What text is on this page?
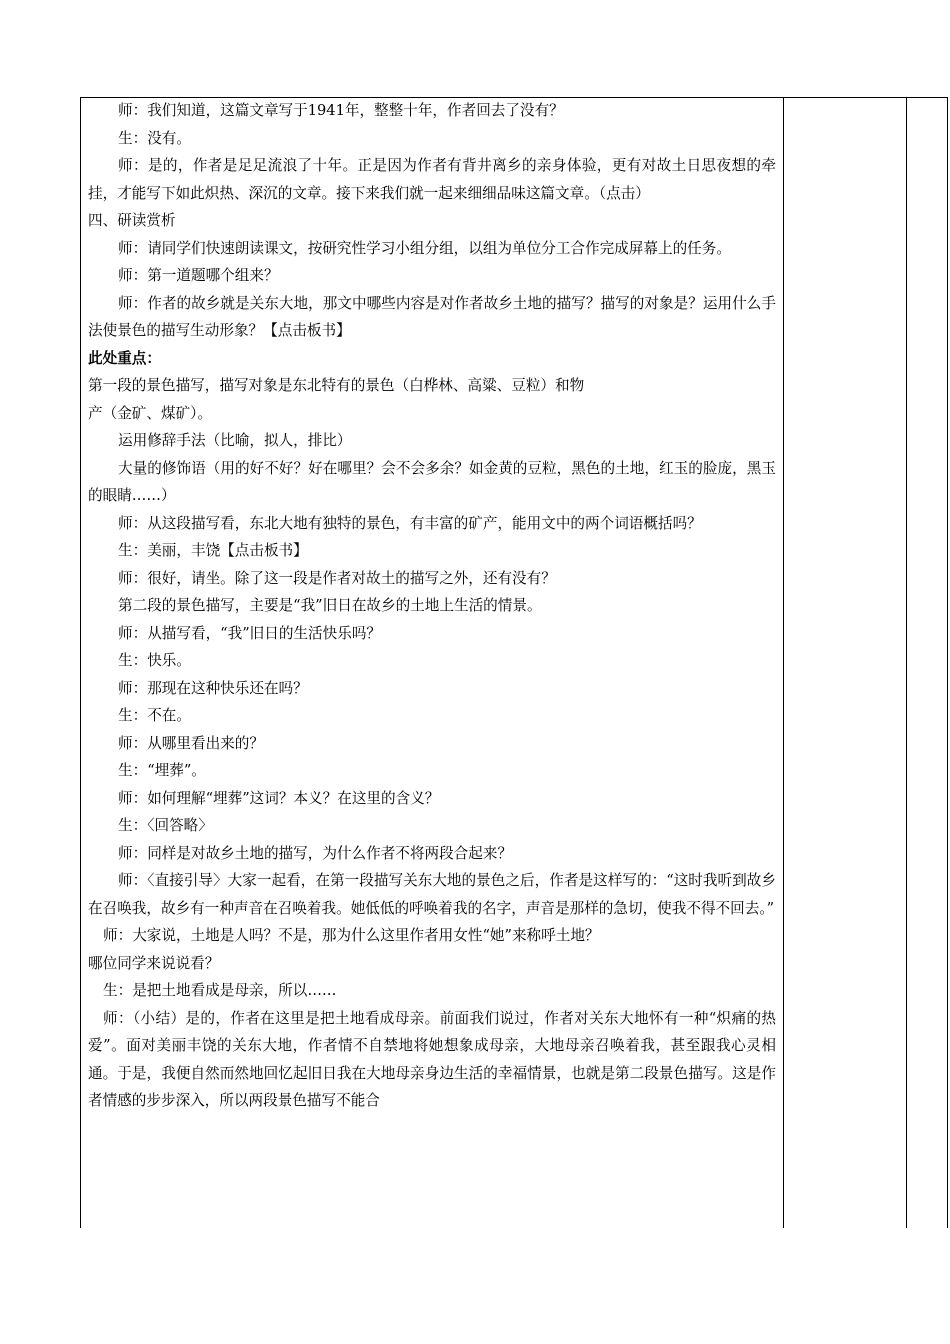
师：我们知道，这篇文章写于1941年，整整十年，作者回去了没有？

生：没有。

师：是的，作者是足足流浪了十年。正是因为作者有背井离乡的亲身体验，更有对故土日思夜想的牵挂，才能写下如此炽热、深沉的文章。接下来我们就一起来细细品味这篇文章。（点击）

四、研读赏析

师：请同学们快速朗读课文，按研究性学习小组分组，以组为单位分工合作完成屏幕上的任务。

师：第一道题哪个组来？

师：作者的故乡就是关东大地，那文中哪些内容是对作者故乡土地的描写？描写的对象是？运用什么手法使景色的描写生动形象？【点击板书】

此处重点：

第一段的景色描写，描写对象是东北特有的景色（白桦林、高粱、豆粒）和物

产（金矿、煤矿）。

运用修辞手法（比喻，拟人，排比）

大量的修饰语（用的好不好？好在哪里？会不会多余？如金黄的豆粒，黑色的土地，红玉的脸庞，黑玉的眼睛……）

师：从这段描写看，东北大地有独特的景色，有丰富的矿产，能用文中的两个词语概括吗？

生：美丽，丰饶【点击板书】

师：很好，请坐。除了这一段是作者对故土的描写之外，还有没有？

第二段的景色描写，主要是“我”旧日在故乡的土地上生活的情景。

师：从描写看，“我”旧日的生活快乐吗？

生：快乐。

师：那现在这种快乐还在吗？

生：不在。

师：从哪里看出来的？

生：“埋葬”。

师：如何理解“埋葬”这词？本义？在这里的含义？

生：〈回答略〉

师：同样是对故乡土地的描写，为什么作者不将两段合起来？

师：〈直接引导〉大家一起看，在第一段描写关东大地的景色之后，作者是这样写的：“这时我听到故乡在召唤我，故乡有一种声音在召唤着我。她低低的呼唤着我的名字，声音是那样的急切，使我不得不回去。”

师：大家说，土地是人吗？不是，那为什么这里作者用女性“她”来称呼土地？

哪位同学来说说看？

生：是把土地看成是母亲，所以……

师：（小结）是的，作者在这里是把土地看成母亲。前面我们说过，作者对关东大地怀有一种“炽痛的热爱”。面对美丽丰饶的关东大地，作者情不自禁地将她想象成母亲，大地母亲召唤着我，甚至跟我心灵相通。于是，我便自然而然地回忆起旧日我在大地母亲身边生活的幸福情景，也就是第二段景色描写。这是作者情感的步步深入，所以两段景色描写不能合
